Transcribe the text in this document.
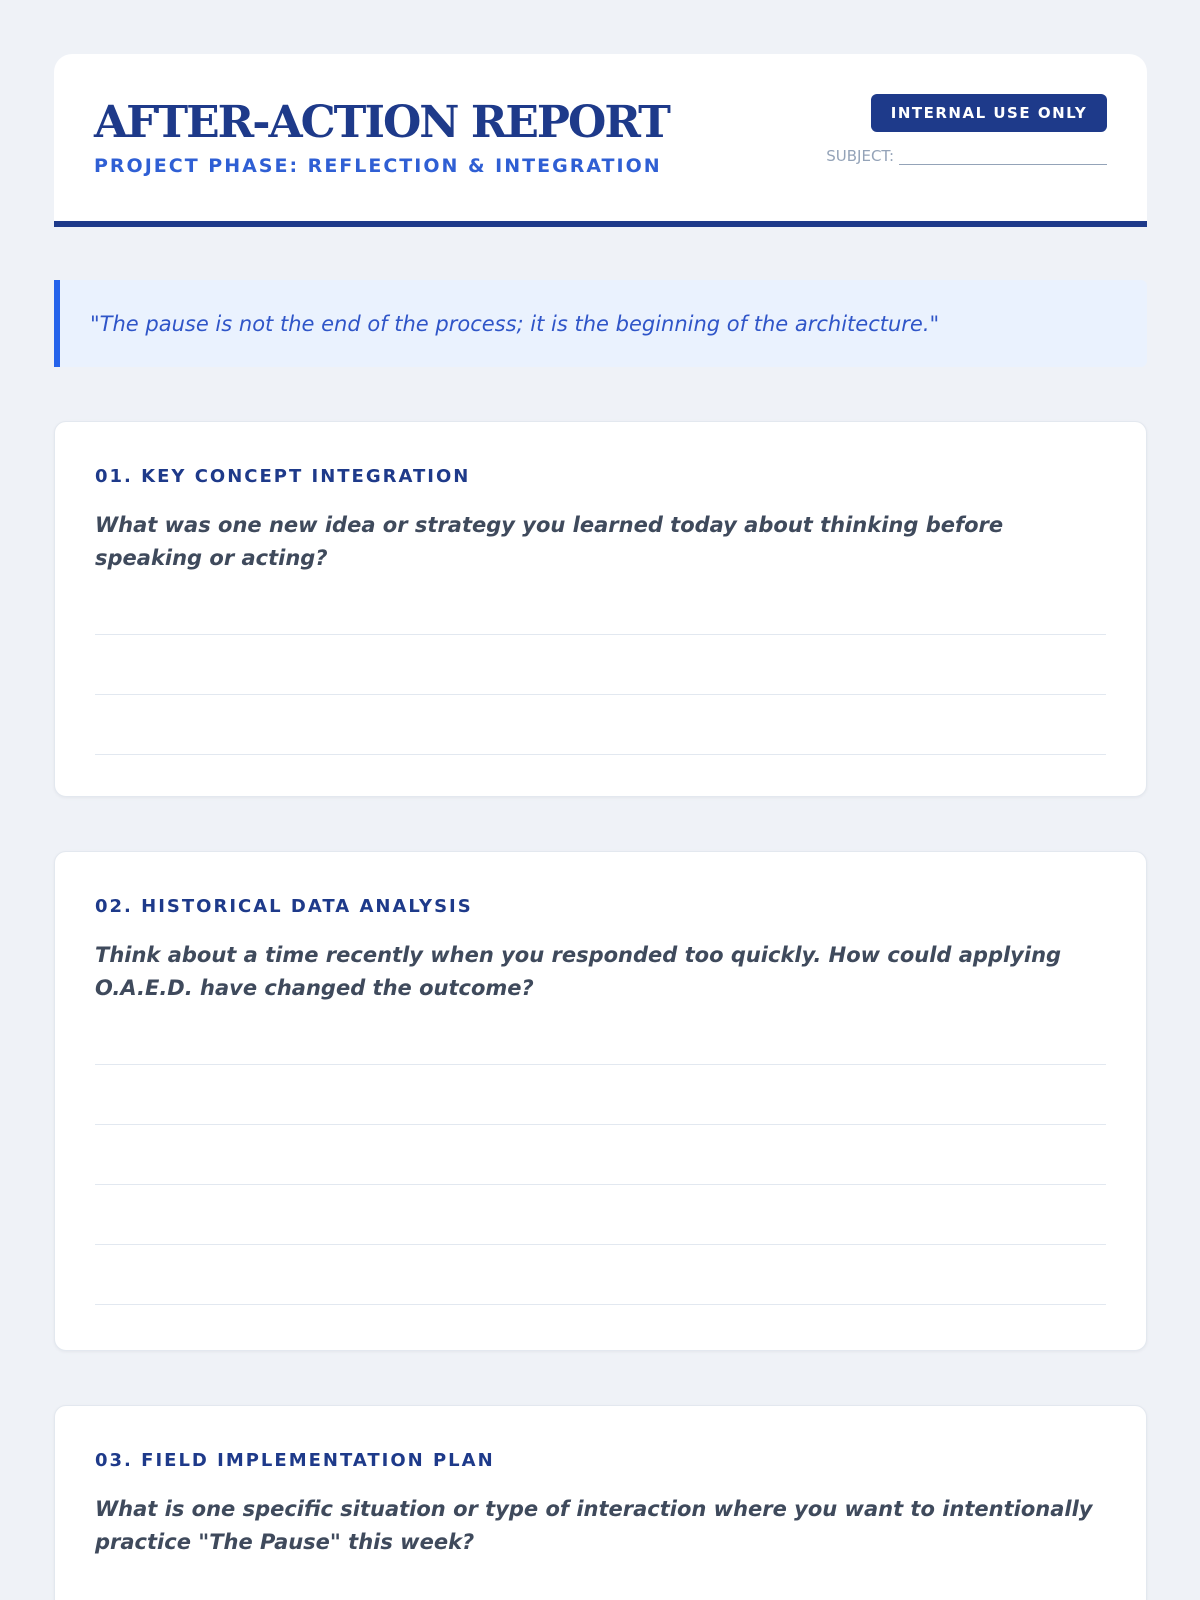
AFTER-ACTION REPORT
PROJECT PHASE: REFLECTION & INTEGRATION
INTERNAL USE ONLY
SUBJECT:
"The pause is not the end of the process; it is the beginning of the architecture."
01. KEY CONCEPT INTEGRATION
What was one new idea or strategy you learned today about thinking before speaking or acting?
02. HISTORICAL DATA ANALYSIS
Think about a time recently when you responded too quickly. How could applying O.A.E.D. have changed the outcome?
03. FIELD IMPLEMENTATION PLAN
What is one specific situation or type of interaction where you want to intentionally practice "The Pause" this week?
